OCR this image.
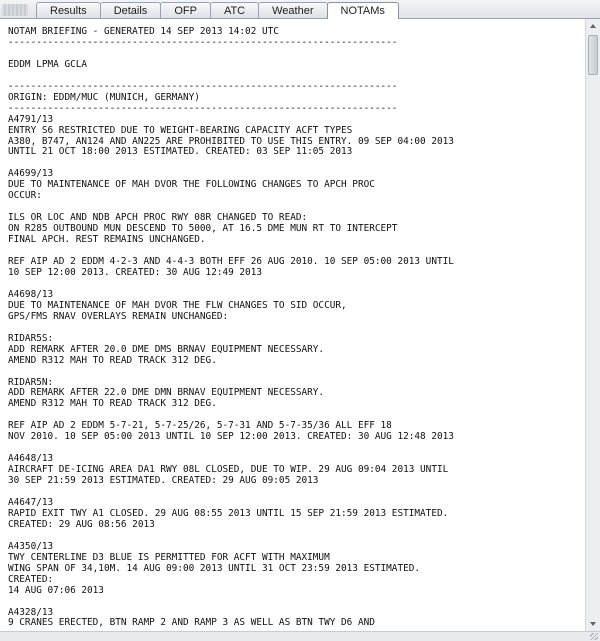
Results	Details	OFP	ATC	Weather	NOTAMs
NOTAM BRIEFING - GENERATED 14 SEP 2013 14:02 UTC
---------------------------------------------------------------------

EDDM LPMA GCLA

---------------------------------------------------------------------
ORIGIN: EDDM/MUC (MUNICH, GERMANY)
---------------------------------------------------------------------
A4791/13
ENTRY S6 RESTRICTED DUE TO WEIGHT-BEARING CAPACITY ACFT TYPES
A380, B747, AN124 AND AN225 ARE PROHIBITED TO USE THIS ENTRY. 09 SEP 04:00 2013
UNTIL 21 OCT 18:00 2013 ESTIMATED. CREATED: 03 SEP 11:05 2013

A4699/13
DUE TO MAINTENANCE OF MAH DVOR THE FOLLOWING CHANGES TO APCH PROC
OCCUR:

ILS OR LOC AND NDB APCH PROC RWY 08R CHANGED TO READ:
ON R285 OUTBOUND MUN DESCEND TO 5000, AT 16.5 DME MUN RT TO INTERCEPT
FINAL APCH. REST REMAINS UNCHANGED.

REF AIP AD 2 EDDM 4-2-3 AND 4-4-3 BOTH EFF 26 AUG 2010. 10 SEP 05:00 2013 UNTIL
10 SEP 12:00 2013. CREATED: 30 AUG 12:49 2013

A4698/13
DUE TO MAINTENANCE OF MAH DVOR THE FLW CHANGES TO SID OCCUR,
GPS/FMS RNAV OVERLAYS REMAIN UNCHANGED:

RIDAR5S:
ADD REMARK AFTER 20.0 DME DMS BRNAV EQUIPMENT NECESSARY.
AMEND R312 MAH TO READ TRACK 312 DEG.

RIDAR5N:
ADD REMARK AFTER 22.0 DME DMN BRNAV EQUIPMENT NECESSARY.
AMEND R312 MAH TO READ TRACK 312 DEG.

REF AIP AD 2 EDDM 5-7-21, 5-7-25/26, 5-7-31 AND 5-7-35/36 ALL EFF 18
NOV 2010. 10 SEP 05:00 2013 UNTIL 10 SEP 12:00 2013. CREATED: 30 AUG 12:48 2013

A4648/13
AIRCRAFT DE-ICING AREA DA1 RWY 08L CLOSED, DUE TO WIP. 29 AUG 09:04 2013 UNTIL
30 SEP 21:59 2013 ESTIMATED. CREATED: 29 AUG 09:05 2013

A4647/13
RAPID EXIT TWY A1 CLOSED. 29 AUG 08:55 2013 UNTIL 15 SEP 21:59 2013 ESTIMATED.
CREATED: 29 AUG 08:56 2013

A4350/13
TWY CENTERLINE D3 BLUE IS PERMITTED FOR ACFT WITH MAXIMUM
WING SPAN OF 34,10M. 14 AUG 09:00 2013 UNTIL 31 OCT 23:59 2013 ESTIMATED.
CREATED:
14 AUG 07:06 2013

A4328/13
9 CRANES ERECTED, BTN RAMP 2 AND RAMP 3 AS WELL AS BTN TWY D6 AND
